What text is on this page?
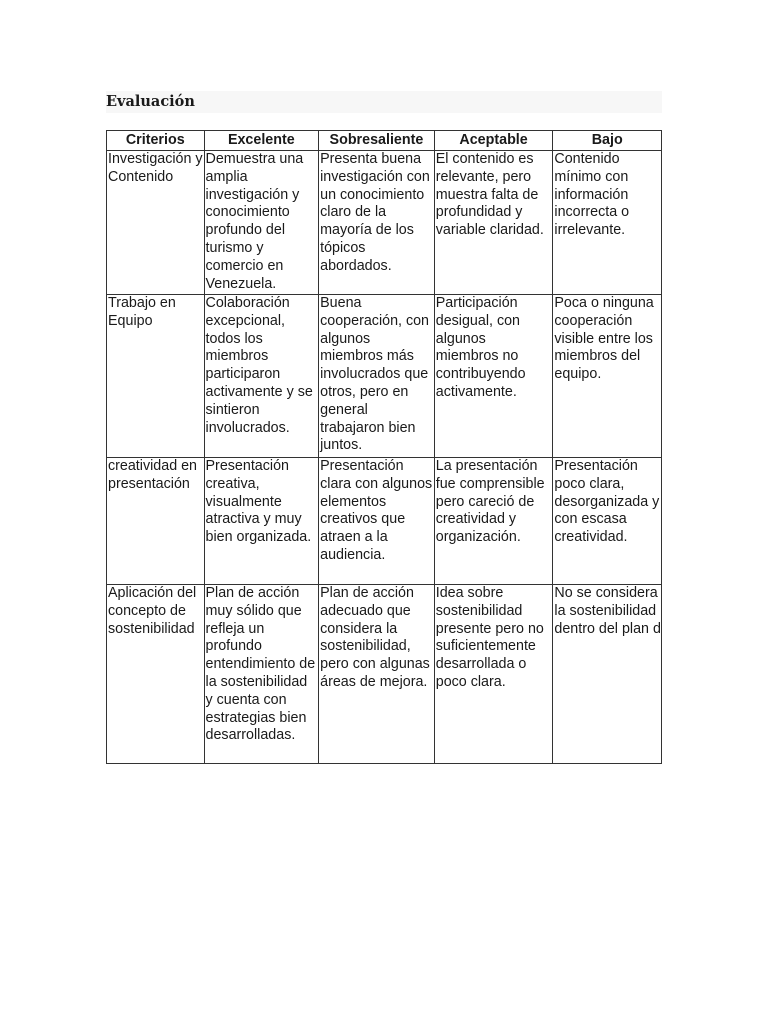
Evaluación
Criterios	Excelente	Sobresaliente	Aceptable	Bajo
Investigación y Contenido	Demuestra una amplia investigación y conocimiento profundo del turismo y comercio en Venezuela.	Presenta buena investigación con un conocimiento claro de la mayoría de los tópicos abordados.	El contenido es relevante, pero muestra falta de profundidad y variable claridad.	Contenido mínimo con información incorrecta o irrelevante.
Trabajo en Equipo	Colaboración excepcional, todos los miembros participaron activamente y se sintieron involucrados.	Buena cooperación, con algunos miembros más involucrados que otros, pero en general trabajaron bien juntos.	Participación desigual, con algunos miembros no contribuyendo activamente.	Poca o ninguna cooperación visible entre los miembros del equipo.
creatividad en presentación	Presentación creativa, visualmente atractiva y muy bien organizada.	Presentación clara con algunos elementos creativos que atraen a la audiencia.	La presentación fue comprensible pero careció de creatividad y organización.	Presentación poco clara, desorganizada y con escasa creatividad.
Aplicación del concepto de sostenibilidad	Plan de acción muy sólido que refleja un profundo entendimiento de la sostenibilidad y cuenta con estrategias bien desarrolladas.	Plan de acción adecuado que considera la sostenibilidad, pero con algunas áreas de mejora.	Idea sobre sostenibilidad presente pero no suficientemente desarrollada o poco clara.	No se considera la sostenibilidad dentro del plan d
